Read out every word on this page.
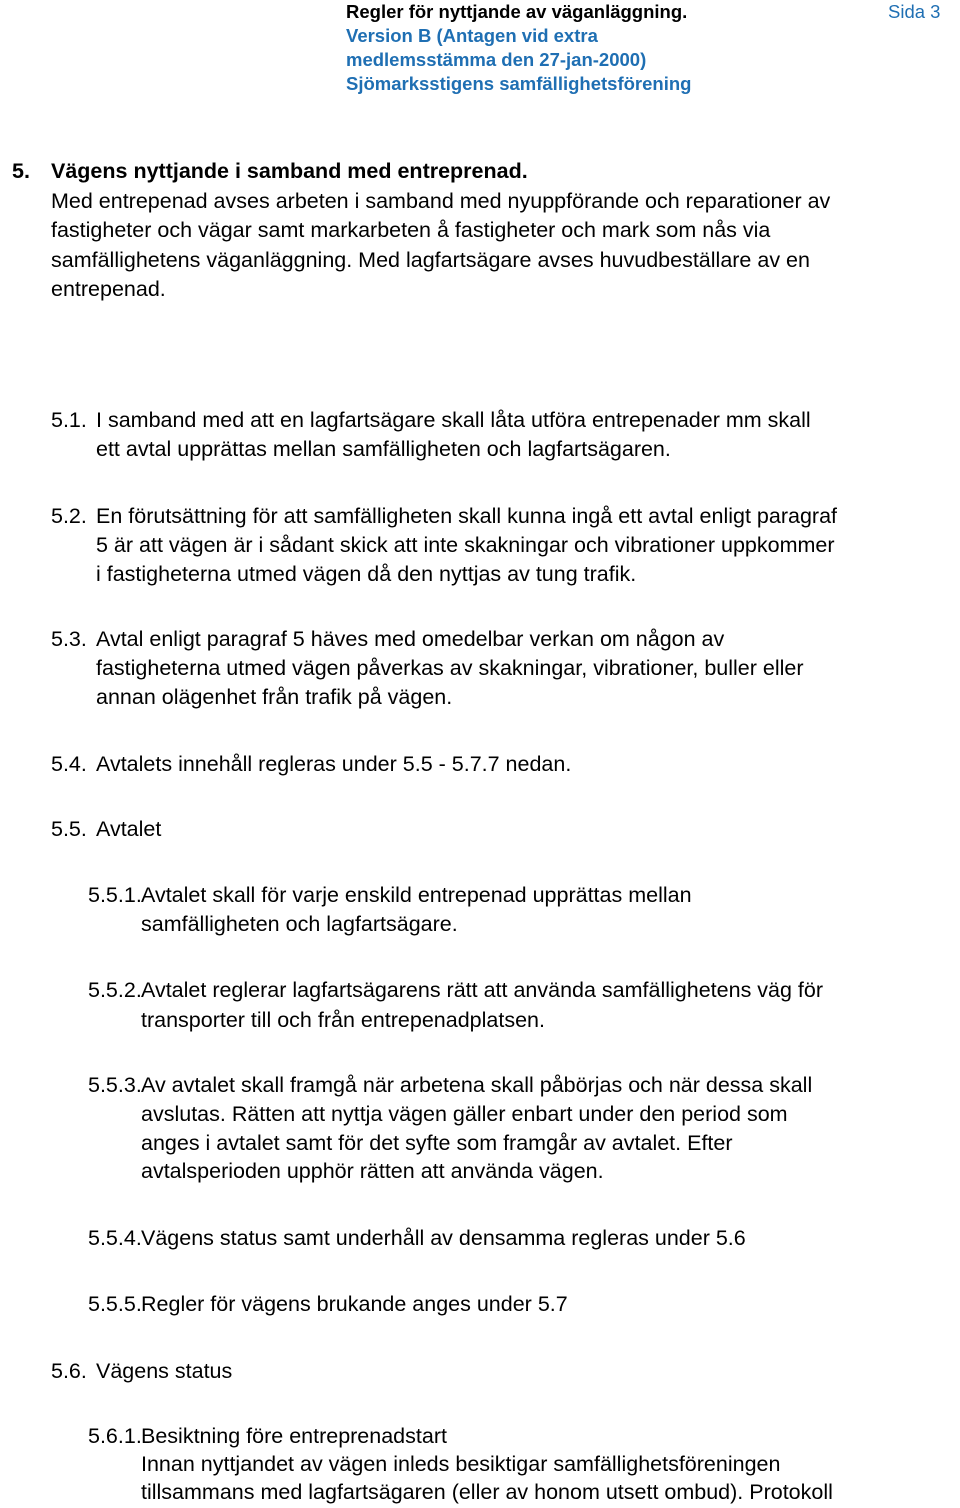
Regler för nyttjande av väganläggning.	Sida 3
Version B (Antagen vid extra
medlemsstämma den 27-jan-2000)
Sjömarksstigens samfällighetsförening
5. Vägens nyttjande i samband med entreprenad.
Med entrepenad avses arbeten i samband med nyuppförande och reparationer av
fastigheter och vägar samt markarbeten å fastigheter och mark som nås via
samfällighetens väganläggning. Med lagfartsägare avses huvudbeställare av en
entrepenad.
5.1. I samband med att en lagfartsägare skall låta utföra entrepenader mm skall
ett avtal upprättas mellan samfälligheten och lagfartsägaren.
5.2. En förutsättning för att samfälligheten skall kunna ingå ett avtal enligt paragraf
5 är att vägen är i sådant skick att inte skakningar och vibrationer uppkommer
i fastigheterna utmed vägen då den nyttjas av tung trafik.
5.3. Avtal enligt paragraf 5 häves med omedelbar verkan om någon av
fastigheterna utmed vägen påverkas av skakningar, vibrationer, buller eller
annan olägenhet från trafik på vägen.
5.4. Avtalets innehåll regleras under 5.5 - 5.7.7 nedan.
5.5. Avtalet
5.5.1. Avtalet skall för varje enskild entrepenad upprättas mellan
samfälligheten och lagfartsägare.
5.5.2. Avtalet reglerar lagfartsägarens rätt att använda samfällighetens väg för
transporter till och från entrepenadplatsen.
5.5.3. Av avtalet skall framgå när arbetena skall påbörjas och när dessa skall
avslutas. Rätten att nyttja vägen gäller enbart under den period som
anges i avtalet samt för det syfte som framgår av avtalet. Efter
avtalsperioden upphör rätten att använda vägen.
5.5.4. Vägens status samt underhåll av densamma regleras under 5.6
5.5.5. Regler för vägens brukande anges under 5.7
5.6. Vägens status
5.6.1. Besiktning före entreprenadstart
Innan nyttjandet av vägen inleds besiktigar samfällighetsföreningen
tillsammans med lagfartsägaren (eller av honom utsett ombud). Protokoll
